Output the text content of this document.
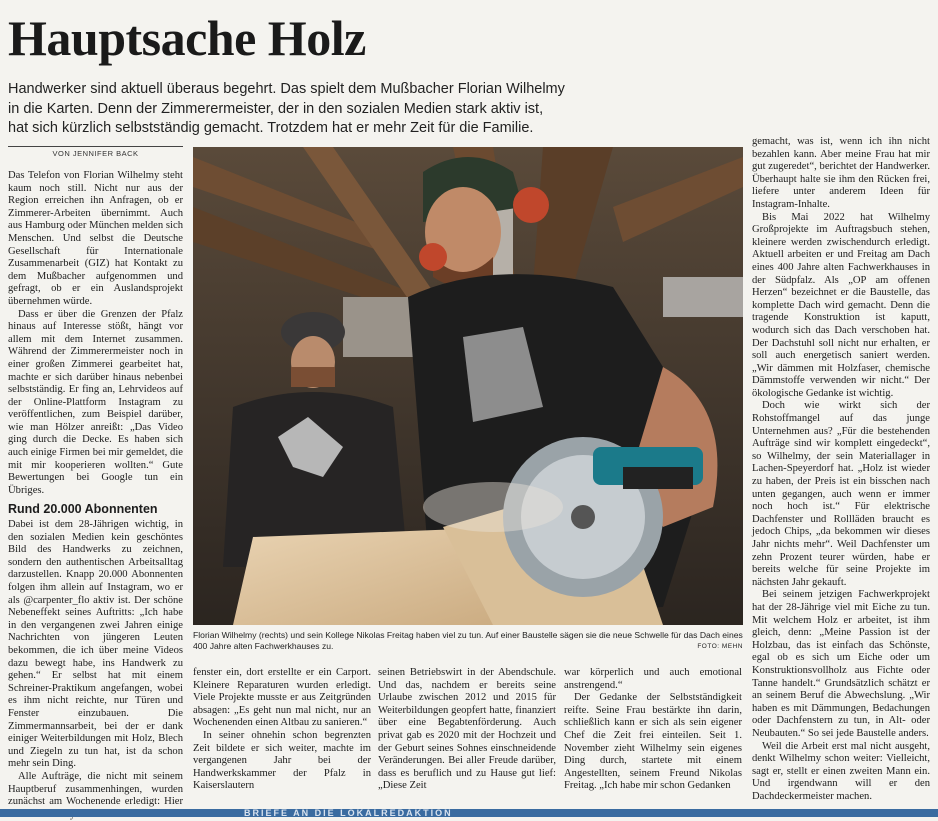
Hauptsache Holz

Handwerker sind aktuell überaus begehrt. Das spielt dem Mußbacher Florian Wilhelmy

in die Karten. Denn der Zimmerermeister, der in den sozialen Medien stark aktiv ist,

hat sich kürzlich selbstständig gemacht. Trotzdem hat er mehr Zeit für die Familie.

VON JENNIFER BACK

Das Telefon von Florian Wilhelmy steht kaum noch still. Nicht nur aus der Region erreichen ihn Anfragen, ob er Zimmerer-Arbeiten übernimmt. Auch aus Hamburg oder München melden sich Menschen. Und selbst die Deutsche Gesellschaft für Internationale Zusammenarbeit (GIZ) hat Kontakt zu dem Mußbacher aufgenommen und gefragt, ob er ein Auslandsprojekt übernehmen würde.

Dass er über die Grenzen der Pfalz hinaus auf Interesse stößt, hängt vor allem mit dem Internet zusammen. Während der Zimmerermeister noch in einer großen Zimmerei gearbeitet hat, machte er sich darüber hinaus nebenbei selbstständig. Er fing an, Lehrvideos auf der Online-Plattform Instagram zu veröffentlichen, zum Beispiel darüber, wie man Hölzer anreißt: „Das Video ging durch die Decke. Es haben sich auch einige Firmen bei mir gemeldet, die mit mir kooperieren wollten.“ Gute Bewertungen bei Google tun ein Übriges.

Rund 20.000 Abonnenten

Dabei ist dem 28-Jährigen wichtig, in den sozialen Medien kein geschöntes Bild des Handwerks zu zeichnen, sondern den authentischen Arbeitsalltag darzustellen. Knapp 20.000 Abonnenten folgen ihm allein auf Instagram, wo er als @carpenter_flo aktiv ist. Der schöne Nebeneffekt seines Auftritts: „Ich habe in den vergangenen zwei Jahren einige Nachrichten von jüngeren Leuten bekommen, die ich über meine Videos dazu bewegt habe, ins Handwerk zu gehen.“ Er selbst hat mit einem Schreiner-Praktikum angefangen, wobei es ihm nicht reichte, nur Türen und Fenster einzubauen. Die Zimmermannsarbeit, bei der er dank einiger Weiterbildungen mit Holz, Blech und Ziegeln zu tun hat, ist da schon mehr sein Ding.

Alle Aufträge, die nicht mit seinem Hauptberuf zusammenhingen, wurden zunächst am Wochenende erledigt: Hier

Florian Wilhelmy (rechts) und sein Kollege Nikolas Freitag haben viel zu tun. Auf einer Baustelle sägen sie die neue Schwelle für das Dach eines 400 Jahre alten Fachwerkhauses zu.	FOTO: MEHN

fenster ein, dort erstellte er ein Carport. Kleinere Reparaturen wurden erledigt. Viele Projekte musste er aus Zeitgründen absagen: „Es geht nun mal nicht, nur an Wochenenden einen Altbau zu sanieren.“

In seiner ohnehin schon begrenzten Zeit bildete er sich weiter, machte im vergangenen Jahr bei der Handwerkskammer der Pfalz in Kaiserslautern

seinen Betriebswirt in der Abendschule. Und das, nachdem er bereits seine Urlaube zwischen 2012 und 2015 für Weiterbildungen geopfert hatte, finanziert über eine Begabtenförderung. Auch privat gab es 2020 mit der Hochzeit und der Geburt seines Sohnes einschneidende Veränderungen. Bei aller Freude darüber, dass es beruflich und zu Hause gut lief: „Diese Zeit

war körperlich und auch emotional anstrengend.“

Der Gedanke der Selbstständigkeit reifte. Seine Frau bestärkte ihn darin, schließlich kann er sich als sein eigener Chef die Zeit frei einteilen. Seit 1. November zieht Wilhelmy sein eigenes Ding durch, startete mit einem Angestellten, seinem Freund Nikolas Freitag. „Ich habe mir schon Gedanken

gemacht, was ist, wenn ich ihn nicht bezahlen kann. Aber meine Frau hat mir gut zugeredet“, berichtet der Handwerker. Überhaupt halte sie ihm den Rücken frei, liefere unter anderem Ideen für Instagram-Inhalte.

Bis Mai 2022 hat Wilhelmy Großprojekte im Auftragsbuch stehen, kleinere werden zwischendurch erledigt. Aktuell arbeiten er und Freitag am Dach eines 400 Jahre alten Fachwerkhauses in der Südpfalz. Als „OP am offenen Herzen“ bezeichnet er die Baustelle, das komplette Dach wird gemacht. Denn die tragende Konstruktion ist kaputt, wodurch sich das Dach verschoben hat. Der Dachstuhl soll nicht nur erhalten, er soll auch energetisch saniert werden. „Wir dämmen mit Holzfaser, chemische Dämmstoffe verwenden wir nicht.“ Der ökologische Gedanke ist wichtig.

Doch wie wirkt sich der Rohstoffmangel auf das junge Unternehmen aus? „Für die bestehenden Aufträge sind wir komplett eingedeckt“, so Wilhelmy, der sein Materiallager in Lachen-Speyerdorf hat. „Holz ist wieder zu haben, der Preis ist ein bisschen nach unten gegangen, auch wenn er immer noch hoch ist.“ Für elektrische Dachfenster und Rollläden braucht es jedoch Chips, „da bekommen wir dieses Jahr nichts mehr“. Weil Dachfenster um zehn Prozent teurer würden, habe er bereits welche für seine Projekte im nächsten Jahr gekauft.

Bei seinem jetzigen Fachwerkprojekt hat der 28-Jährige viel mit Eiche zu tun. Mit welchem Holz er arbeitet, ist ihm gleich, denn: „Meine Passion ist der Holzbau, das ist einfach das Schönste, egal ob es sich um Eiche oder um Konstruktionsvollholz aus Fichte oder Tanne handelt.“ Grundsätzlich schätzt er an seinem Beruf die Abwechslung. „Wir haben es mit Dämmungen, Bedachungen oder Dachfenstern zu tun, in Alt- oder Neubauten.“ So sei jede Baustelle anders.

Weil die Arbeit erst mal nicht ausgeht, denkt Wilhelmy schon weiter: Vielleicht, sagt er, stellt er einen zweiten Mann ein. Und irgendwann will er den Dachdeckermeister machen.

BRIEFE AN DIE LOKALREDAKTION
